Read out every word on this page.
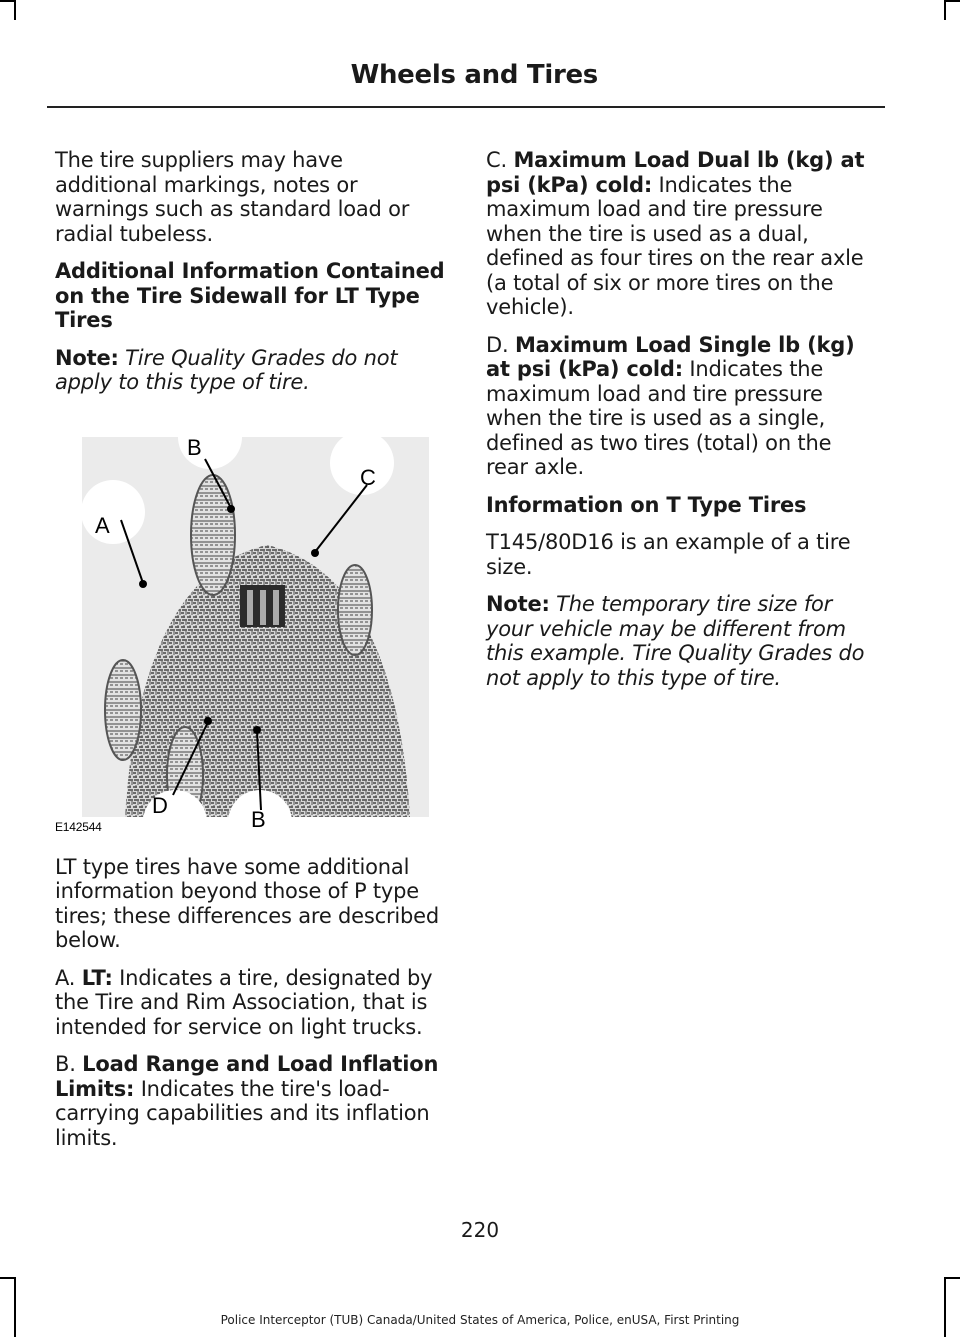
Wheels and Tires

The tire suppliers may have additional markings, notes or warnings such as standard load or radial tubeless.

Additional Information Contained on the Tire Sidewall for LT Type Tires

Note: Tire Quality Grades do not apply to this type of tire.

B
C
A
D
B
E142544

LT type tires have some additional information beyond those of P type tires; these differences are described below.

A. LT: Indicates a tire, designated by the Tire and Rim Association, that is intended for service on light trucks.

B. Load Range and Load Inflation Limits: Indicates the tire's load-carrying capabilities and its inflation limits.

C. Maximum Load Dual lb (kg) at psi (kPa) cold: Indicates the maximum load and tire pressure when the tire is used as a dual, defined as four tires on the rear axle (a total of six or more tires on the vehicle).

D. Maximum Load Single lb (kg) at psi (kPa) cold: Indicates the maximum load and tire pressure when the tire is used as a single, defined as two tires (total) on the rear axle.

Information on T Type Tires

T145/80D16 is an example of a tire size.

Note: The temporary tire size for your vehicle may be different from this example. Tire Quality Grades do not apply to this type of tire.

220
Police Interceptor (TUB) Canada/United States of America, Police, enUSA, First Printing
